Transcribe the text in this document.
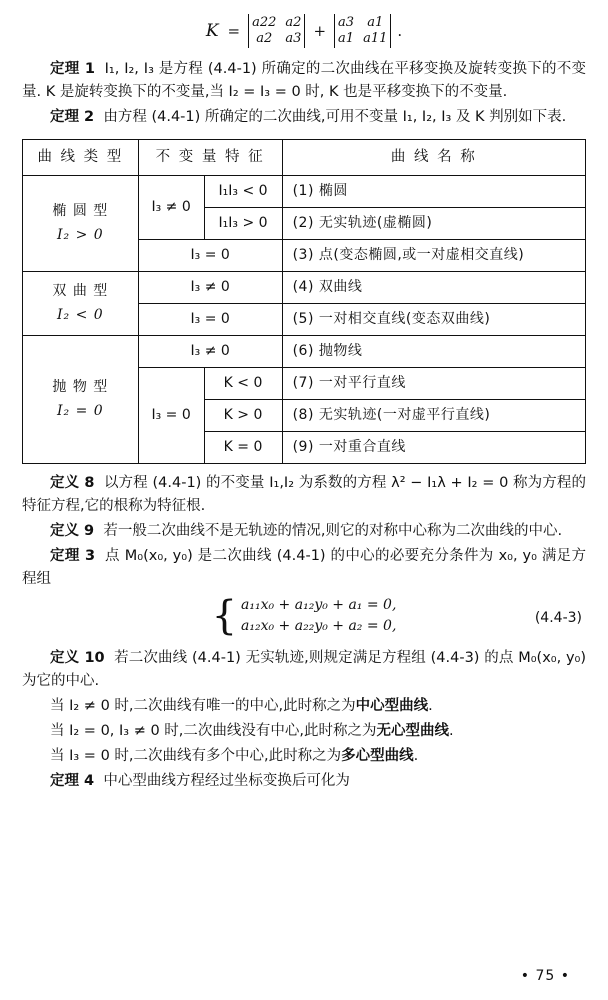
K = a22 a2
a2	a3 + a3	a1
a1 a11 .

定理 1 I₁, I₂, I₃ 是方程 (4.4-1) 所确定的二次曲线在平移变换及旋转变换下的不变量. K 是旋转变换下的不变量,当 I₂ = I₃ = 0 时, K 也是平移变换下的不变量.

定理 2 由方程 (4.4-1) 所确定的二次曲线,可用不变量 I₁, I₂, I₃ 及 K 判别如下表.

曲 线 类 型	不 变 量 特 征		曲 线 名 称

椭 圆 型
I₂ > 0	I₃ ≠ 0	I₁I₃ < 0	(1) 椭圆
		I₁I₃ > 0	(2) 无实轨迹(虚椭圆)
	I₃ = 0		(3) 点(变态椭圆,或一对虚相交直线)

双 曲 型
I₂ < 0	I₃ ≠ 0		(4) 双曲线
	I₃ = 0		(5) 一对相交直线(变态双曲线)

抛 物 型
I₂ = 0	I₃ ≠ 0		(6) 抛物线
	I₃ = 0	K < 0	(7) 一对平行直线
		K > 0	(8) 无实轨迹(一对虚平行直线)
		K = 0	(9) 一对重合直线

定义 8 以方程 (4.4-1) 的不变量 I₁,I₂ 为系数的方程 λ² − I₁λ + I₂ = 0 称为方程的特征方程,它的根称为特征根.

定义 9 若一般二次曲线不是无轨迹的情况,则它的对称中心称为二次曲线的中心.

定理 3 点 M₀(x₀, y₀) 是二次曲线 (4.4-1) 的中心的必要充分条件为 x₀, y₀ 满足方程组

{ a₁₁x₀ + a₁₂y₀ + a₁ = 0,
a₁₂x₀ + a₂₂y₀ + a₂ = 0,	(4.4-3)

定义 10 若二次曲线 (4.4-1) 无实轨迹,则规定满足方程组 (4.4-3) 的点 M₀(x₀, y₀) 为它的中心.

当 I₂ ≠ 0 时,二次曲线有唯一的中心,此时称之为中心型曲线.

当 I₂ = 0, I₃ ≠ 0 时,二次曲线没有中心,此时称之为无心型曲线.

当 I₃ = 0 时,二次曲线有多个中心,此时称之为多心型曲线.

定理 4 中心型曲线方程经过坐标变换后可化为

• 75 •
